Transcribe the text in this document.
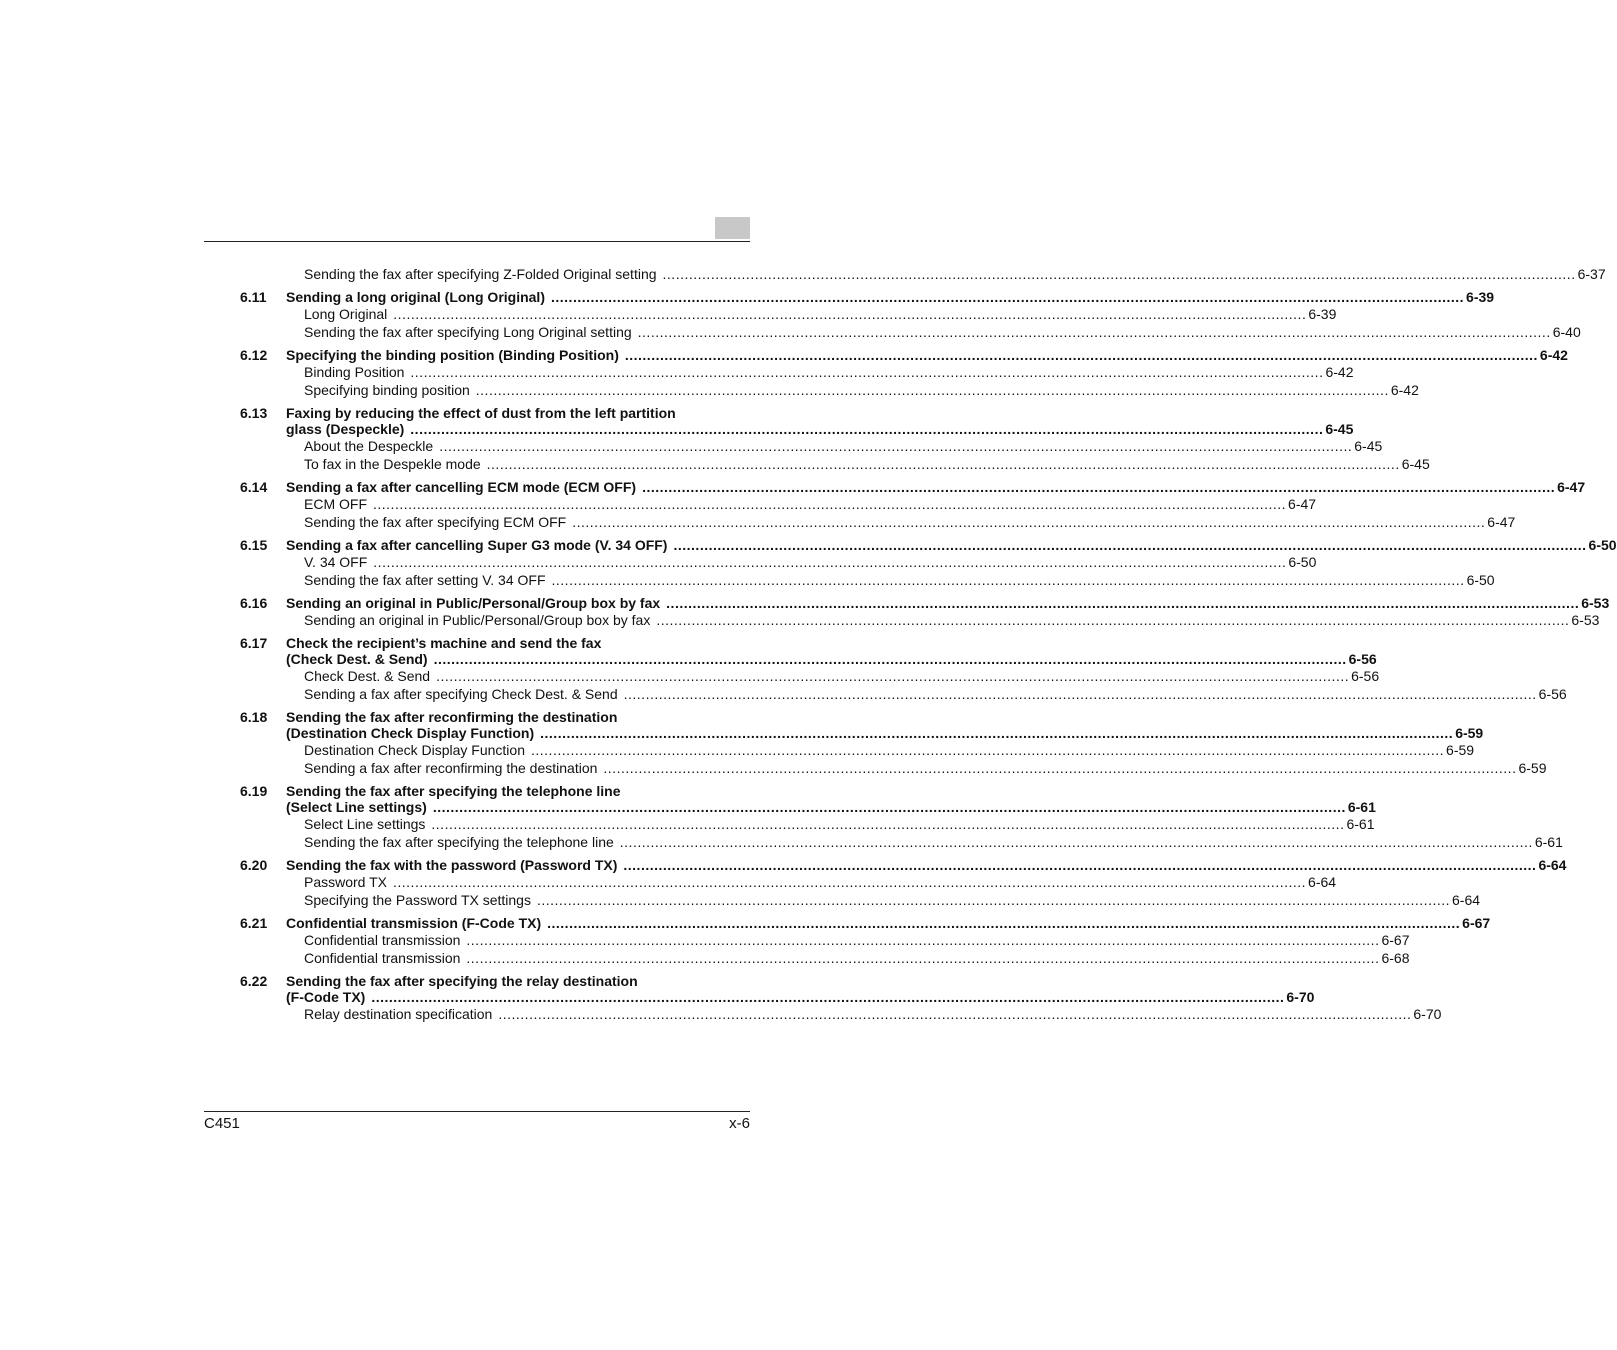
Sending the fax after specifying Z-Folded Original setting .....	6-37
6.11	Sending a long original (Long Original) .....	6-39
Long Original .....	6-39
Sending the fax after specifying Long Original setting .....	6-40
6.12	Specifying the binding position (Binding Position) .....	6-42
Binding Position .....	6-42
Specifying binding position .....	6-42
6.13	Faxing by reducing the effect of dust from the left partition
glass (Despeckle) .....	6-45
About the Despeckle .....	6-45
To fax in the Despekle mode .....	6-45
6.14	Sending a fax after cancelling ECM mode (ECM OFF) .....	6-47
ECM OFF .....	6-47
Sending the fax after specifying ECM OFF .....	6-47
6.15	Sending a fax after cancelling Super G3 mode (V. 34 OFF) .....	6-50
V. 34 OFF .....	6-50
Sending the fax after setting V. 34 OFF .....	6-50
6.16	Sending an original in Public/Personal/Group box by fax .....	6-53
Sending an original in Public/Personal/Group box by fax .....	6-53
6.17	Check the recipient’s machine and send the fax
(Check Dest. & Send) .....	6-56
Check Dest. & Send .....	6-56
Sending a fax after specifying Check Dest. & Send .....	6-56
6.18	Sending the fax after reconfirming the destination
(Destination Check Display Function) .....	6-59
Destination Check Display Function .....	6-59
Sending a fax after reconfirming the destination .....	6-59
6.19	Sending the fax after specifying the telephone line
(Select Line settings) .....	6-61
Select Line settings .....	6-61
Sending the fax after specifying the telephone line .....	6-61
6.20	Sending the fax with the password (Password TX) .....	6-64
Password TX .....	6-64
Specifying the Password TX settings .....	6-64
6.21	Confidential transmission (F-Code TX) .....	6-67
Confidential transmission .....	6-67
Confidential transmission .....	6-68
6.22	Sending the fax after specifying the relay destination
(F-Code TX) .....	6-70
Relay destination specification .....	6-70
C451	x-6
